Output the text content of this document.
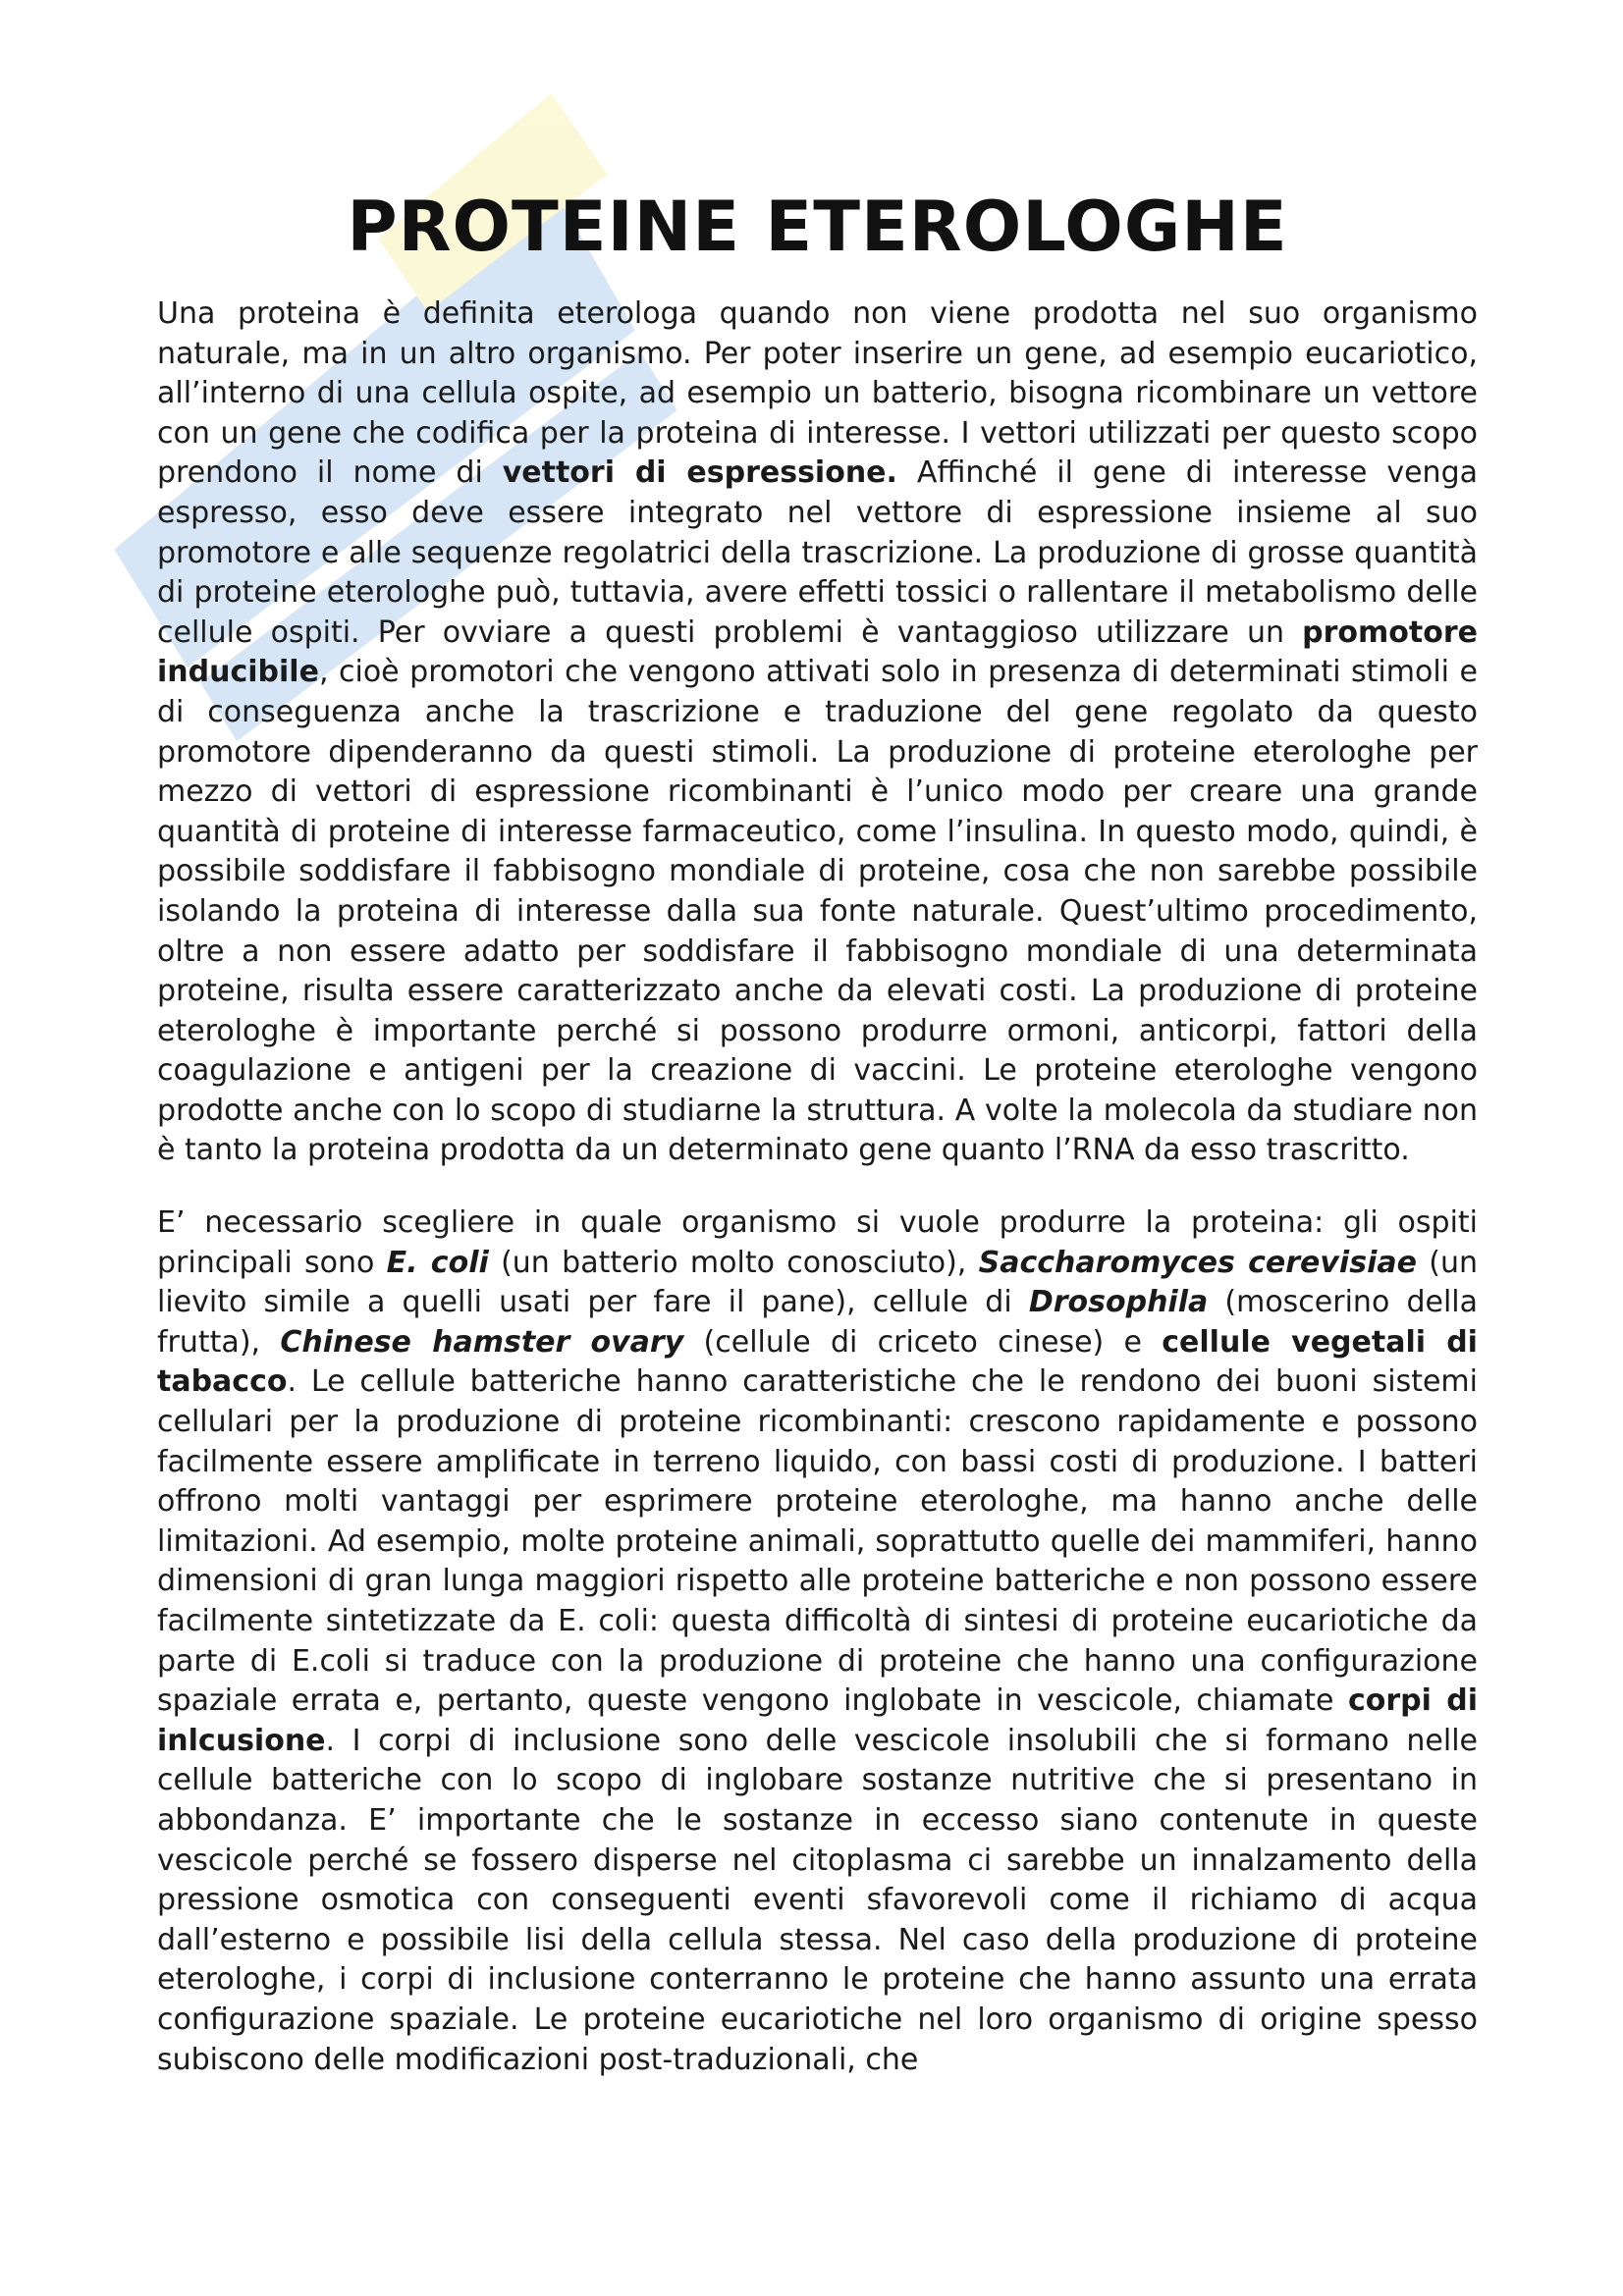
PROTEINE ETEROLOGHE

Una proteina è definita eterologa quando non viene prodotta nel suo organismo naturale, ma in un altro organismo. Per poter inserire un gene, ad esempio eucariotico, all’interno di una cellula ospite, ad esempio un batterio, bisogna ricombinare un vettore con un gene che codifica per la proteina di interesse. I vettori utilizzati per questo scopo prendono il nome di vettori di espressione. Affinché il gene di interesse venga espresso, esso deve essere integrato nel vettore di espressione insieme al suo promotore e alle sequenze regolatrici della trascrizione. La produzione di grosse quantità di proteine eterologhe può, tuttavia, avere effetti tossici o rallentare il metabolismo delle cellule ospiti. Per ovviare a questi problemi è vantaggioso utilizzare un promotore inducibile, cioè promotori che vengono attivati solo in presenza di determinati stimoli e di conseguenza anche la trascrizione e traduzione del gene regolato da questo promotore dipenderanno da questi stimoli. La produzione di proteine eterologhe per mezzo di vettori di espressione ricombinanti è l’unico modo per creare una grande quantità di proteine di interesse farmaceutico, come l’insulina. In questo modo, quindi, è possibile soddisfare il fabbisogno mondiale di proteine, cosa che non sarebbe possibile isolando la proteina di interesse dalla sua fonte naturale. Quest’ultimo procedimento, oltre a non essere adatto per soddisfare il fabbisogno mondiale di una determinata proteine, risulta essere caratterizzato anche da elevati costi. La produzione di proteine eterologhe è importante perché si possono produrre ormoni, anticorpi, fattori della coagulazione e antigeni per la creazione di vaccini. Le proteine eterologhe vengono prodotte anche con lo scopo di studiarne la struttura. A volte la molecola da studiare non è tanto la proteina prodotta da un determinato gene quanto l’RNA da esso trascritto.

E’ necessario scegliere in quale organismo si vuole produrre la proteina: gli ospiti principali sono E. coli (un batterio molto conosciuto), Saccharomyces cerevisiae (un lievito simile a quelli usati per fare il pane), cellule di Drosophila (moscerino della frutta), Chinese hamster ovary (cellule di criceto cinese) e cellule vegetali di tabacco. Le cellule batteriche hanno caratteristiche che le rendono dei buoni sistemi cellulari per la produzione di proteine ricombinanti: crescono rapidamente e possono facilmente essere amplificate in terreno liquido, con bassi costi di produzione. I batteri offrono molti vantaggi per esprimere proteine eterologhe, ma hanno anche delle limitazioni. Ad esempio, molte proteine animali, soprattutto quelle dei mammiferi, hanno dimensioni di gran lunga maggiori rispetto alle proteine batteriche e non possono essere facilmente sintetizzate da E. coli: questa difficoltà di sintesi di proteine eucariotiche da parte di E.coli si traduce con la produzione di proteine che hanno una configurazione spaziale errata e, pertanto, queste vengono inglobate in vescicole, chiamate corpi di inlcusione. I corpi di inclusione sono delle vescicole insolubili che si formano nelle cellule batteriche con lo scopo di inglobare sostanze nutritive che si presentano in abbondanza. E’ importante che le sostanze in eccesso siano contenute in queste vescicole perché se fossero disperse nel citoplasma ci sarebbe un innalzamento della pressione osmotica con conseguenti eventi sfavorevoli come il richiamo di acqua dall’esterno e possibile lisi della cellula stessa. Nel caso della produzione di proteine eterologhe, i corpi di inclusione conterranno le proteine che hanno assunto una errata configurazione spaziale. Le proteine eucariotiche nel loro organismo di origine spesso subiscono delle modificazioni post-traduzionali, che
